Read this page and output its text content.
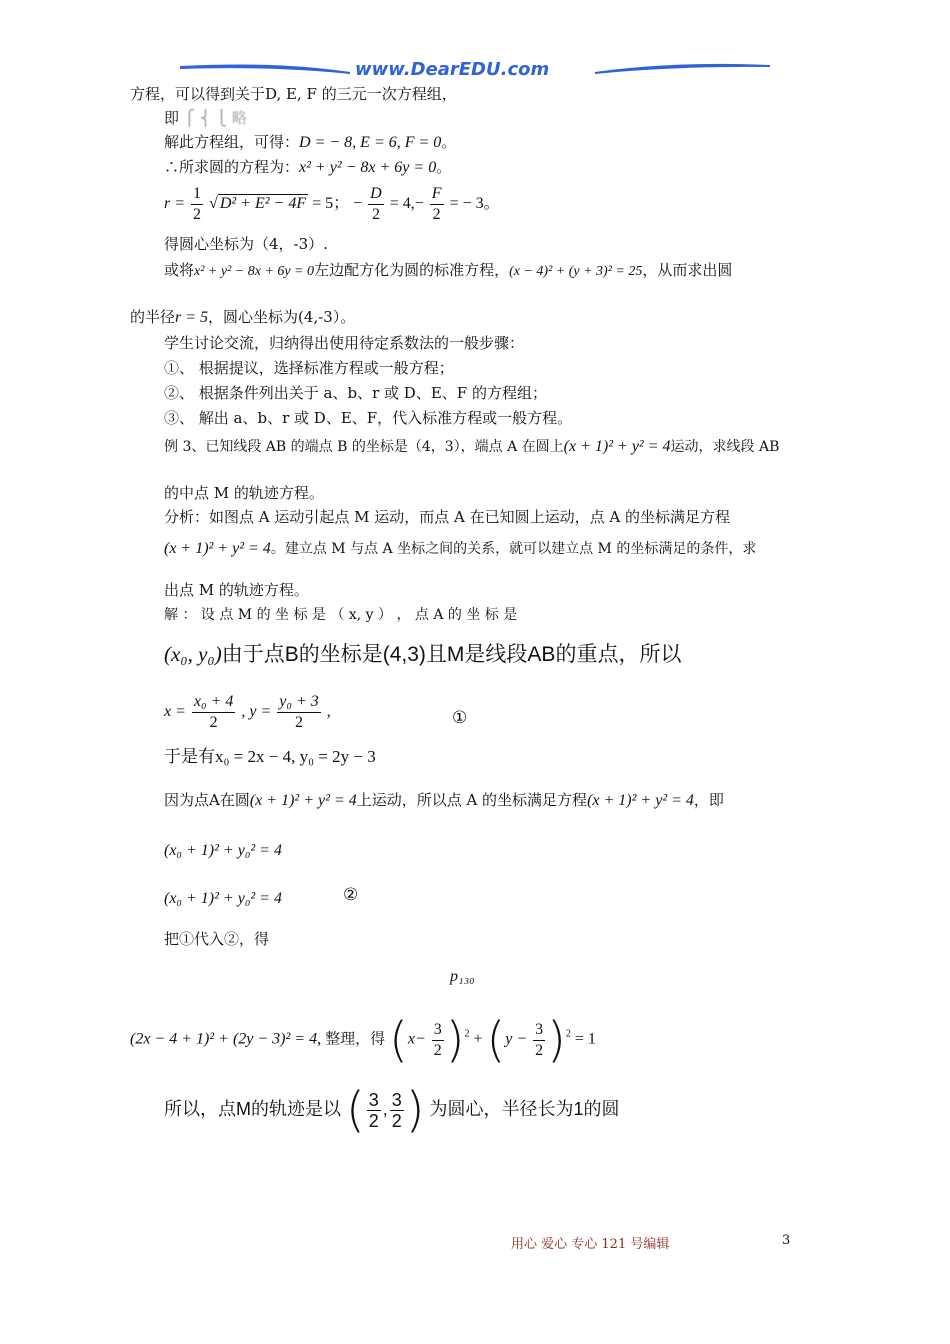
www.DearEDU.com
方程，可以得到关于D, E, F 的三元一次方程组，
即 ⎧ ⎨ ⎩ 略
解此方程组，可得：D = − 8, E = 6, F = 0。
∴所求圆的方程为：x² + y² − 8x + 6y = 0。
$r = \frac{1}{2}$ √ D² + E² − 4F = 5； − $\frac{D}{2} = 4,- \frac{F}{2}$ = − 3。
得圆心坐标为（4，-3）.
或将x² + y² − 8x + 6y = 0左边配方化为圆的标准方程，(x − 4)² + (y + 3)² = 25，从而求出圆
的半径r = 5，圆心坐标为(4,-3）。
学生讨论交流，归纳得出使用待定系数法的一般步骤：
①、 根据提议，选择标准方程或一般方程；
②、 根据条件列出关于 a、b、r 或 D、E、F 的方程组；
③、 解出 a、b、r 或 D、E、F，代入标准方程或一般方程。
例 3、已知线段 AB 的端点 B 的坐标是（4，3），端点 A 在圆上(x + 1)² + y² = 4运动，求线段 AB
的中点 M 的轨迹方程。
分析：如图点 A 运动引起点 M 运动，而点 A 在已知圆上运动，点 A 的坐标满足方程
(x + 1)² + y² = 4。建立点 M 与点 A 坐标之间的关系，就可以建立点 M 的坐标满足的条件，求
出点 M 的轨迹方程。
解 ： 设 点 M 的 坐 标 是 （ x, y ） ， 点 A 的 坐 标 是
(x₀, y₀)由于点B的坐标是(4,3)且M是线段AB的重点，所以
$x = \frac{\text{x₀ + 4}}{2}$ , $y = \frac{\text{y₀ + 3}}{2}$ ,	①
于是有x₀ = 2x − 4, y₀ = 2y − 3
因为点A在圆(x + 1)² + y² = 4上运动，所以点 A 的坐标满足方程(x + 1)² + y² = 4，即
(x₀ + 1)² + y₀² = 4
(x₀ + 1)² + y₀² = 4	②
把①代入②，得
p₁₃₀
(2x − 4 + 1)² + (2y − 3)² = 4, 整理，得 $(x- \frac{3}{2} )^2 + (y - \frac{3}{2} )^2 = 1$
所以，点M的轨迹是以 ( $\frac{3}{2}$ , $\frac{3}{2}$ ) 为圆心，半径长为1的圆
用心 爱心 专心 121 号编辑	3
